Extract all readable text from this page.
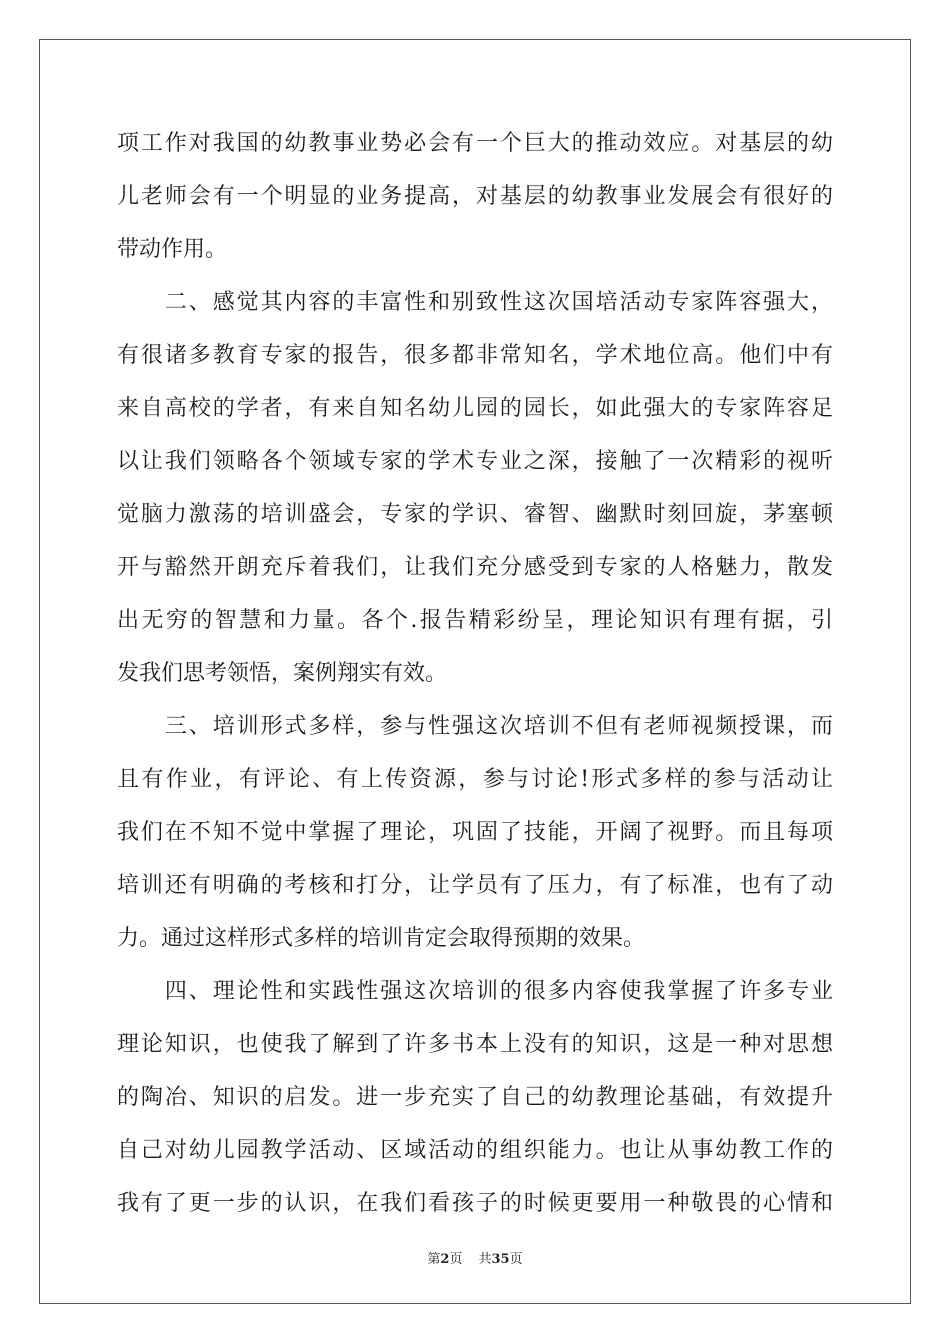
项工作对我国的幼教事业势必会有一个巨大的推动效应。对基层的幼
儿老师会有一个明显的业务提高，对基层的幼教事业发展会有很好的
带动作用。
　　二、感觉其内容的丰富性和别致性这次国培活动专家阵容强大，
有很诸多教育专家的报告，很多都非常知名，学术地位高。他们中有
来自高校的学者，有来自知名幼儿园的园长，如此强大的专家阵容足
以让我们领略各个领域专家的学术专业之深，接触了一次精彩的视听
觉脑力激荡的培训盛会，专家的学识、睿智、幽默时刻回旋，茅塞顿
开与豁然开朗充斥着我们，让我们充分感受到专家的人格魅力，散发
出无穷的智慧和力量。各个.报告精彩纷呈，理论知识有理有据，引
发我们思考领悟，案例翔实有效。
　　三、培训形式多样，参与性强这次培训不但有老师视频授课，而
且有作业，有评论、有上传资源，参与讨论!形式多样的参与活动让
我们在不知不觉中掌握了理论，巩固了技能，开阔了视野。而且每项
培训还有明确的考核和打分，让学员有了压力，有了标准，也有了动
力。通过这样形式多样的培训肯定会取得预期的效果。
　　四、理论性和实践性强这次培训的很多内容使我掌握了许多专业
理论知识，也使我了解到了许多书本上没有的知识，这是一种对思想
的陶冶、知识的启发。进一步充实了自己的幼教理论基础，有效提升
自己对幼儿园教学活动、区域活动的组织能力。也让从事幼教工作的
我有了更一步的认识，在我们看孩子的时候更要用一种敬畏的心情和
第2页 共35页
